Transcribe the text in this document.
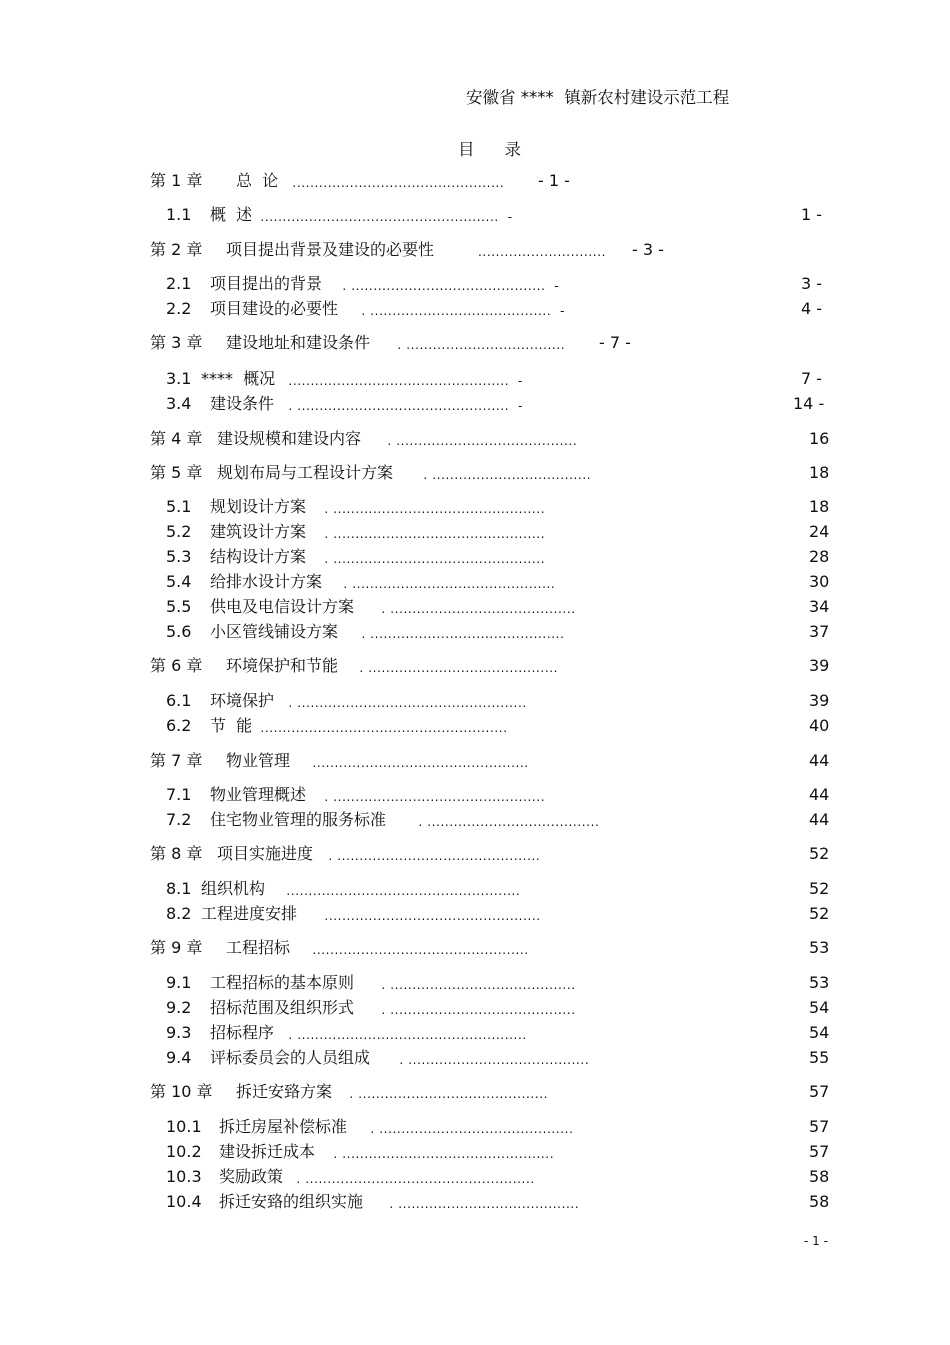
安徽省 ****  镇新农村建设示范工程
目 录
第 1 章 总  论 ................................................ - 1 -
1.1 概  述 ......................................................  -	1 -
第 2 章 项目提出背景及建设的必要性	............................. - 3 -
2.1 项目提出的背景 . ............................................  -	3 -
2.2 项目建设的必要性 . .........................................  -	4 -
第 3 章 建设地址和建设条件 . .................................... - 7 -
3.1 ****  概况 ..................................................  -	7 -
3.4 建设条件 . ................................................  -	14 -
第 4 章 建设规模和建设内容 . .........................................	16
第 5 章 规划布局与工程设计方案 . ....................................	18
5.1 规划设计方案 . ................................................	18
5.2 建筑设计方案 . ................................................	24
5.3 结构设计方案 . ................................................	28
5.4 给排水设计方案 . ..............................................	30
5.5 供电及电信设计方案 . ..........................................	34
5.6 小区管线铺设方案 . ............................................	37
第 6 章 环境保护和节能 . ...........................................	39
6.1 环境保护 . ....................................................	39
6.2 节  能 ........................................................	40
第 7 章 物业管理 .................................................	44
7.1 物业管理概述 . ................................................	44
7.2 住宅物业管理的服务标准 . .......................................	44
第 8 章 项目实施进度 . ..............................................	52
8.1 组织机构 .....................................................	52
8.2 工程进度安排 .................................................	52
第 9 章 工程招标 .................................................	53
9.1 工程招标的基本原则 . ..........................................	53
9.2 招标范围及组织形式 . ..........................................	54
9.3 招标程序 . ....................................................	54
9.4 评标委员会的人员组成 . .........................................	55
第 10 章 拆迁安臵方案 . ...........................................	57
10.1 拆迁房屋补偿标准 . ............................................	57
10.2 建设拆迁成本 . ................................................	57
10.3 奖励政策 . ....................................................	58
10.4 拆迁安臵的组织实施 . .........................................	58
- 1 -
